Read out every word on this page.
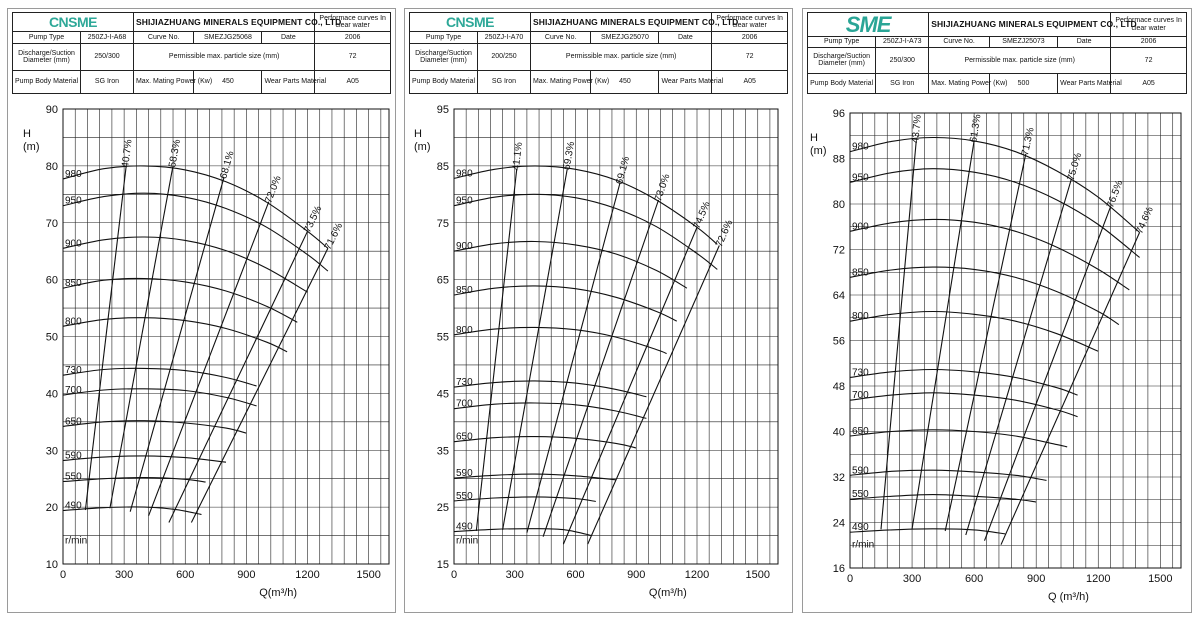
CNSME		SHIJIAZHUANG MINERALS EQUIPMENT CO., LTD			Performace curves In clear water
Pump Type	250ZJ-I-A68	Curve No.	SMEZJG25068	Date	2006
Discharge/Suction Diameter (mm)	250/300	Permissible max. particle size (mm)			72
Pump Body Material	SG Iron	Max. Mating Power (Kw)	450	Wear Parts Material	A05
0	300	600	900	1200	1500
10
20
30
40
50
60
70
80
90
Q(m³/h)
H (m)
r/min
980
950
900
850
800
730
700
650
590
550
490
40.7%	58.3%	68.1%
72.0%
73.5%
71.6%
CNSME		SHIJIAZHUANG MINERALS EQUIPMENT CO., LTD			Performace curves In clear water
Pump Type	250ZJ-I-A70	Curve No.	SMEZJG25070	Date	2006
Discharge/Suction Diameter (mm)	200/250	Permissible max. particle size (mm)			72
Pump Body Material	SG Iron	Max. Mating Power (Kw)	450	Wear Parts Material	A05
0	300	600	900	1200	1500
15
25
35
45
55
65
75
85
95
Q(m³/h)
H (m)
r/min
980
950
900
850
800
730
700
650
590
550
490
41.1%	59.3%	69.1%
73.0%
74.5%
72.6%
SME		SHIJIAZHUANG MINERALS EQUIPMENT CO., LTD			Performace curves In clear water
Pump Type	250ZJ-I-A73	Curve No.	SMEZJ25073	Date	2006
Discharge/Suction Diameter (mm)	250/300	Permissible max. particle size (mm)			72
Pump Body Material	SG Iron	Max. Mating Power (Kw)	500	Wear Parts Material	A05
0	300	600	900	1200	1500
16
24
32
40
48
56
64
72
80
88
96
Q (m³/h)
H (m)
r/min
980
950
900
850
800
730
700
650
590
550
490
43.7%	61.3%	71.3%
75.0%
76.5%
74.6%
